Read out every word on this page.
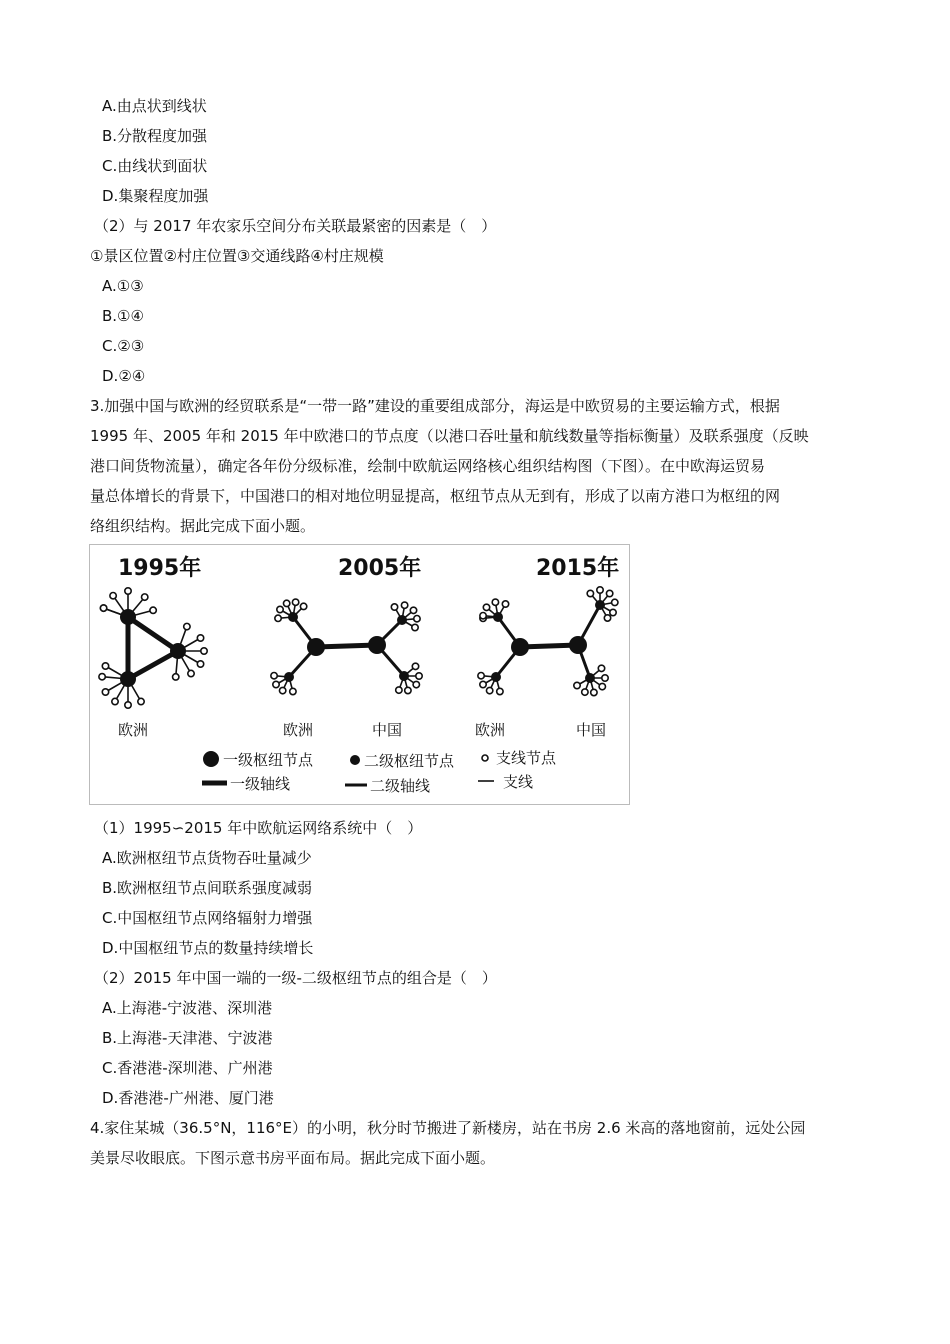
A.由点状到线状
B.分散程度加强
C.由线状到面状
D.集聚程度加强
（2）与 2017 年农家乐空间分布关联最紧密的因素是（　）
①景区位置②村庄位置③交通线路④村庄规模
A.①③
B.①④
C.②③
D.②④
3.加强中国与欧洲的经贸联系是“一带一路”建设的重要组成部分，海运是中欧贸易的主要运输方式，根据
1995 年、2005 年和 2015 年中欧港口的节点度（以港口吞吐量和航线数量等指标衡量）及联系强度（反映
港口间货物流量），确定各年份分级标准，绘制中欧航运网络核心组织结构图（下图）。在中欧海运贸易
量总体增长的背景下，中国港口的相对地位明显提高，枢纽节点从无到有，形成了以南方港口为枢纽的网
络组织结构。据此完成下面小题。
1995年	2005年	2015年
欧洲	欧洲	中国	欧洲	中国
一级枢纽节点	二级枢纽节点	支线节点
一级轴线	二级轴线	支线
（1）1995∽2015 年中欧航运网络系统中（　）
A.欧洲枢纽节点货物吞吐量减少
B.欧洲枢纽节点间联系强度减弱
C.中国枢纽节点网络辐射力增强
D.中国枢纽节点的数量持续增长
（2）2015 年中国一端的一级-二级枢纽节点的组合是（　）
A.上海港-宁波港、深圳港
B.上海港-天津港、宁波港
C.香港港-深圳港、广州港
D.香港港-广州港、厦门港
4.家住某城（36.5°N，116°E）的小明，秋分时节搬进了新楼房，站在书房 2.6 米高的落地窗前，远处公园
美景尽收眼底。下图示意书房平面布局。据此完成下面小题。
